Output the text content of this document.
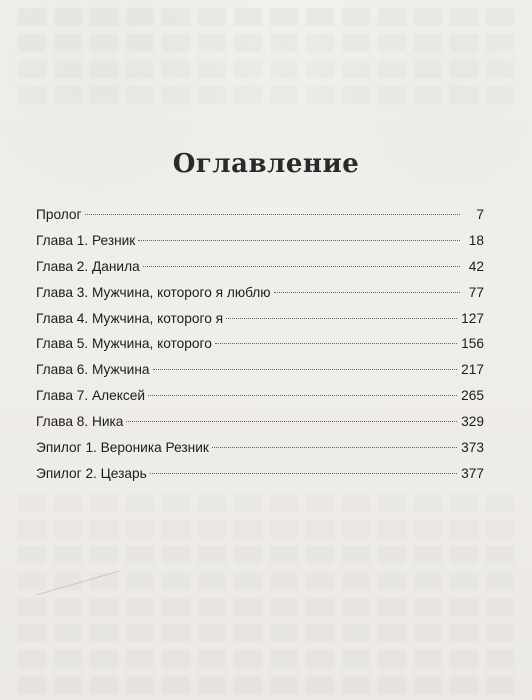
Оглавление
Пролог	7
Глава 1. Резник	18
Глава 2. Данила	42
Глава 3. Мужчина, которого я люблю	77
Глава 4. Мужчина, которого я	127
Глава 5. Мужчина, которого	156
Глава 6. Мужчина	217
Глава 7. Алексей	265
Глава 8. Ника	329
Эпилог 1. Вероника Резник	373
Эпилог 2. Цезарь	377
